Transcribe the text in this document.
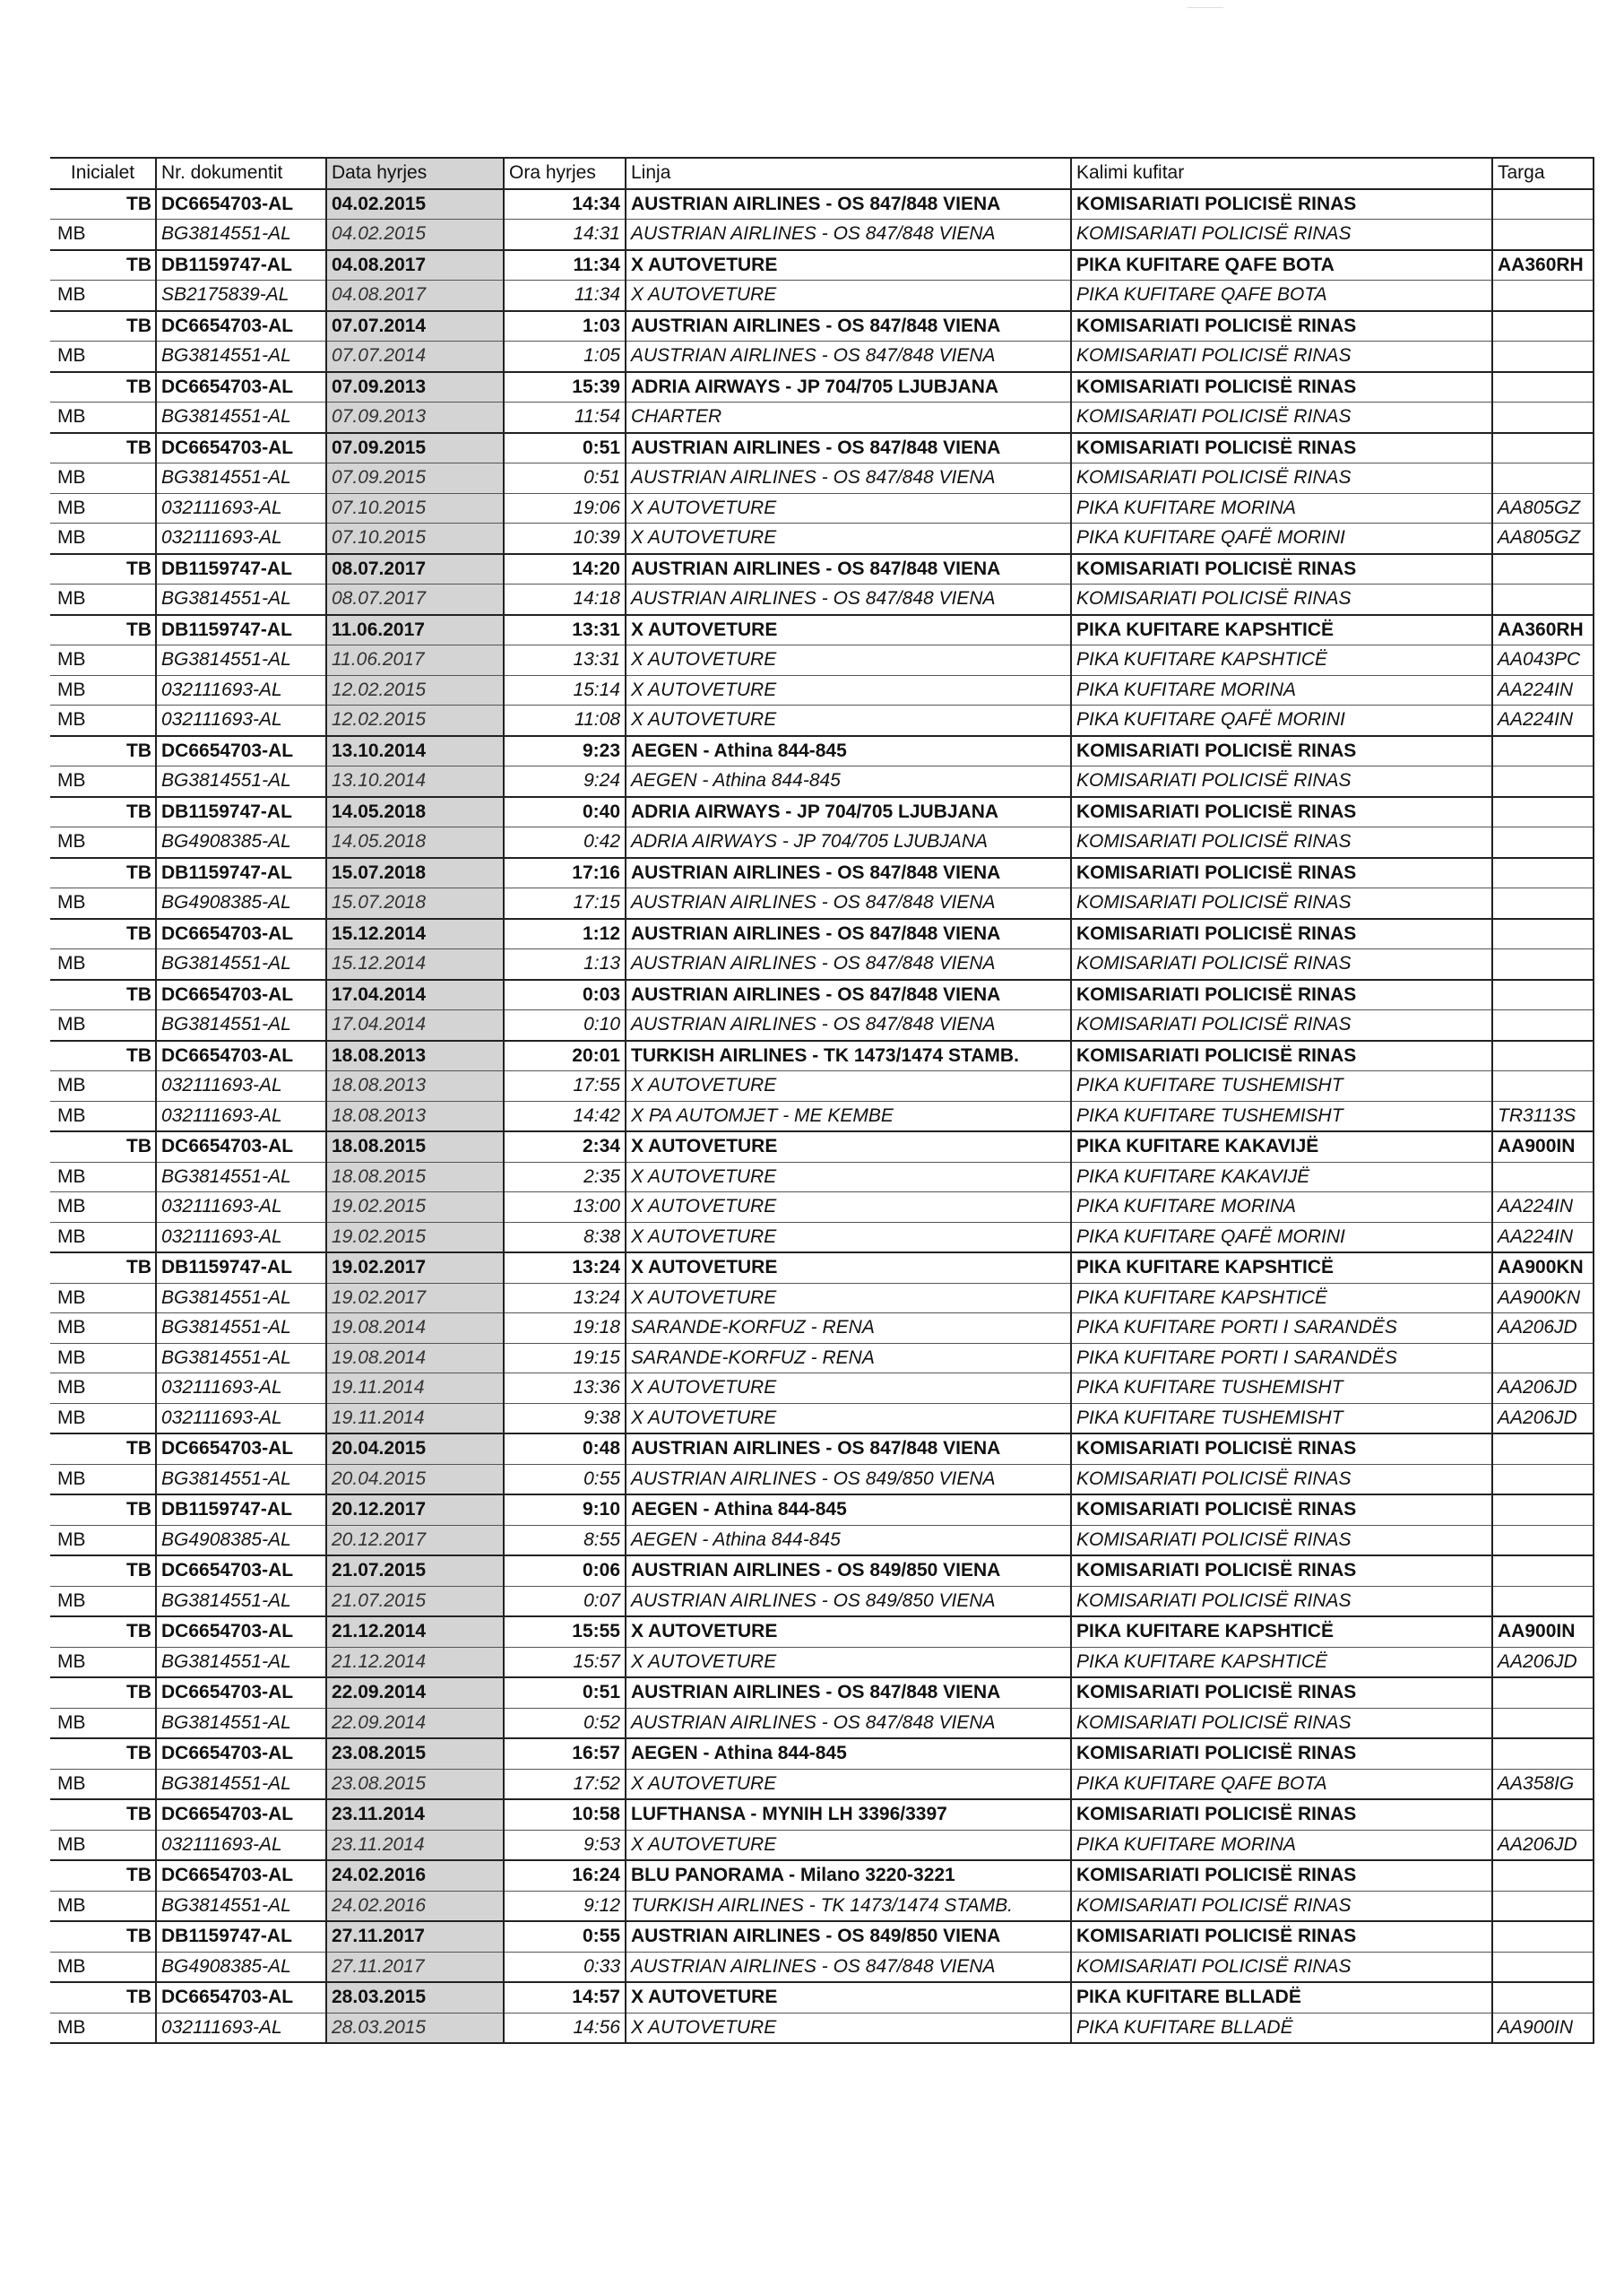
Inicialet	Nr. dokumentit	Data hyrjes	Ora hyrjes	Linja	Kalimi kufitar	Targa
TB	DC6654703-AL	04.02.2015	14:34	AUSTRIAN AIRLINES - OS 847/848 VIENA	KOMISARIATI POLICISË RINAS	
MB	BG3814551-AL	04.02.2015	14:31	AUSTRIAN AIRLINES - OS 847/848 VIENA	KOMISARIATI POLICISË RINAS	
TB	DB1159747-AL	04.08.2017	11:34	X AUTOVETURE	PIKA KUFITARE QAFE BOTA	AA360RH
MB	SB2175839-AL	04.08.2017	11:34	X AUTOVETURE	PIKA KUFITARE QAFE BOTA	
TB	DC6654703-AL	07.07.2014	1:03	AUSTRIAN AIRLINES - OS 847/848 VIENA	KOMISARIATI POLICISË RINAS	
MB	BG3814551-AL	07.07.2014	1:05	AUSTRIAN AIRLINES - OS 847/848 VIENA	KOMISARIATI POLICISË RINAS	
TB	DC6654703-AL	07.09.2013	15:39	ADRIA AIRWAYS - JP 704/705 LJUBJANA	KOMISARIATI POLICISË RINAS	
MB	BG3814551-AL	07.09.2013	11:54	CHARTER	KOMISARIATI POLICISË RINAS	
TB	DC6654703-AL	07.09.2015	0:51	AUSTRIAN AIRLINES - OS 847/848 VIENA	KOMISARIATI POLICISË RINAS	
MB	BG3814551-AL	07.09.2015	0:51	AUSTRIAN AIRLINES - OS 847/848 VIENA	KOMISARIATI POLICISË RINAS	
MB	032111693-AL	07.10.2015	19:06	X AUTOVETURE	PIKA KUFITARE MORINA	AA805GZ
MB	032111693-AL	07.10.2015	10:39	X AUTOVETURE	PIKA KUFITARE QAFË MORINI	AA805GZ
TB	DB1159747-AL	08.07.2017	14:20	AUSTRIAN AIRLINES - OS 847/848 VIENA	KOMISARIATI POLICISË RINAS	
MB	BG3814551-AL	08.07.2017	14:18	AUSTRIAN AIRLINES - OS 847/848 VIENA	KOMISARIATI POLICISË RINAS	
TB	DB1159747-AL	11.06.2017	13:31	X AUTOVETURE	PIKA KUFITARE KAPSHTICË	AA360RH
MB	BG3814551-AL	11.06.2017	13:31	X AUTOVETURE	PIKA KUFITARE KAPSHTICË	AA043PC
MB	032111693-AL	12.02.2015	15:14	X AUTOVETURE	PIKA KUFITARE MORINA	AA224IN
MB	032111693-AL	12.02.2015	11:08	X AUTOVETURE	PIKA KUFITARE QAFË MORINI	AA224IN
TB	DC6654703-AL	13.10.2014	9:23	AEGEN - Athina 844-845	KOMISARIATI POLICISË RINAS	
MB	BG3814551-AL	13.10.2014	9:24	AEGEN - Athina 844-845	KOMISARIATI POLICISË RINAS	
TB	DB1159747-AL	14.05.2018	0:40	ADRIA AIRWAYS - JP 704/705 LJUBJANA	KOMISARIATI POLICISË RINAS	
MB	BG4908385-AL	14.05.2018	0:42	ADRIA AIRWAYS - JP 704/705 LJUBJANA	KOMISARIATI POLICISË RINAS	
TB	DB1159747-AL	15.07.2018	17:16	AUSTRIAN AIRLINES - OS 847/848 VIENA	KOMISARIATI POLICISË RINAS	
MB	BG4908385-AL	15.07.2018	17:15	AUSTRIAN AIRLINES - OS 847/848 VIENA	KOMISARIATI POLICISË RINAS	
TB	DC6654703-AL	15.12.2014	1:12	AUSTRIAN AIRLINES - OS 847/848 VIENA	KOMISARIATI POLICISË RINAS	
MB	BG3814551-AL	15.12.2014	1:13	AUSTRIAN AIRLINES - OS 847/848 VIENA	KOMISARIATI POLICISË RINAS	
TB	DC6654703-AL	17.04.2014	0:03	AUSTRIAN AIRLINES - OS 847/848 VIENA	KOMISARIATI POLICISË RINAS	
MB	BG3814551-AL	17.04.2014	0:10	AUSTRIAN AIRLINES - OS 847/848 VIENA	KOMISARIATI POLICISË RINAS	
TB	DC6654703-AL	18.08.2013	20:01	TURKISH AIRLINES - TK 1473/1474 STAMB.	KOMISARIATI POLICISË RINAS	
MB	032111693-AL	18.08.2013	17:55	X AUTOVETURE	PIKA KUFITARE TUSHEMISHT	
MB	032111693-AL	18.08.2013	14:42	X PA AUTOMJET - ME KEMBE	PIKA KUFITARE TUSHEMISHT	TR3113S
TB	DC6654703-AL	18.08.2015	2:34	X AUTOVETURE	PIKA KUFITARE KAKAVIJË	AA900IN
MB	BG3814551-AL	18.08.2015	2:35	X AUTOVETURE	PIKA KUFITARE KAKAVIJË	
MB	032111693-AL	19.02.2015	13:00	X AUTOVETURE	PIKA KUFITARE MORINA	AA224IN
MB	032111693-AL	19.02.2015	8:38	X AUTOVETURE	PIKA KUFITARE QAFË MORINI	AA224IN
TB	DB1159747-AL	19.02.2017	13:24	X AUTOVETURE	PIKA KUFITARE KAPSHTICË	AA900KN
MB	BG3814551-AL	19.02.2017	13:24	X AUTOVETURE	PIKA KUFITARE KAPSHTICË	AA900KN
MB	BG3814551-AL	19.08.2014	19:18	SARANDE-KORFUZ - RENA	PIKA KUFITARE PORTI I SARANDËS	AA206JD
MB	BG3814551-AL	19.08.2014	19:15	SARANDE-KORFUZ - RENA	PIKA KUFITARE PORTI I SARANDËS	
MB	032111693-AL	19.11.2014	13:36	X AUTOVETURE	PIKA KUFITARE TUSHEMISHT	AA206JD
MB	032111693-AL	19.11.2014	9:38	X AUTOVETURE	PIKA KUFITARE TUSHEMISHT	AA206JD
TB	DC6654703-AL	20.04.2015	0:48	AUSTRIAN AIRLINES - OS 847/848 VIENA	KOMISARIATI POLICISË RINAS	
MB	BG3814551-AL	20.04.2015	0:55	AUSTRIAN AIRLINES - OS 849/850 VIENA	KOMISARIATI POLICISË RINAS	
TB	DB1159747-AL	20.12.2017	9:10	AEGEN - Athina 844-845	KOMISARIATI POLICISË RINAS	
MB	BG4908385-AL	20.12.2017	8:55	AEGEN - Athina 844-845	KOMISARIATI POLICISË RINAS	
TB	DC6654703-AL	21.07.2015	0:06	AUSTRIAN AIRLINES - OS 849/850 VIENA	KOMISARIATI POLICISË RINAS	
MB	BG3814551-AL	21.07.2015	0:07	AUSTRIAN AIRLINES - OS 849/850 VIENA	KOMISARIATI POLICISË RINAS	
TB	DC6654703-AL	21.12.2014	15:55	X AUTOVETURE	PIKA KUFITARE KAPSHTICË	AA900IN
MB	BG3814551-AL	21.12.2014	15:57	X AUTOVETURE	PIKA KUFITARE KAPSHTICË	AA206JD
TB	DC6654703-AL	22.09.2014	0:51	AUSTRIAN AIRLINES - OS 847/848 VIENA	KOMISARIATI POLICISË RINAS	
MB	BG3814551-AL	22.09.2014	0:52	AUSTRIAN AIRLINES - OS 847/848 VIENA	KOMISARIATI POLICISË RINAS	
TB	DC6654703-AL	23.08.2015	16:57	AEGEN - Athina 844-845	KOMISARIATI POLICISË RINAS	
MB	BG3814551-AL	23.08.2015	17:52	X AUTOVETURE	PIKA KUFITARE QAFE BOTA	AA358IG
TB	DC6654703-AL	23.11.2014	10:58	LUFTHANSA - MYNIH LH 3396/3397	KOMISARIATI POLICISË RINAS	
MB	032111693-AL	23.11.2014	9:53	X AUTOVETURE	PIKA KUFITARE MORINA	AA206JD
TB	DC6654703-AL	24.02.2016	16:24	BLU PANORAMA - Milano 3220-3221	KOMISARIATI POLICISË RINAS	
MB	BG3814551-AL	24.02.2016	9:12	TURKISH AIRLINES - TK 1473/1474 STAMB.	KOMISARIATI POLICISË RINAS	
TB	DB1159747-AL	27.11.2017	0:55	AUSTRIAN AIRLINES - OS 849/850 VIENA	KOMISARIATI POLICISË RINAS	
MB	BG4908385-AL	27.11.2017	0:33	AUSTRIAN AIRLINES - OS 847/848 VIENA	KOMISARIATI POLICISË RINAS	
TB	DC6654703-AL	28.03.2015	14:57	X AUTOVETURE	PIKA KUFITARE BLLADË	
MB	032111693-AL	28.03.2015	14:56	X AUTOVETURE	PIKA KUFITARE BLLADË	AA900IN
